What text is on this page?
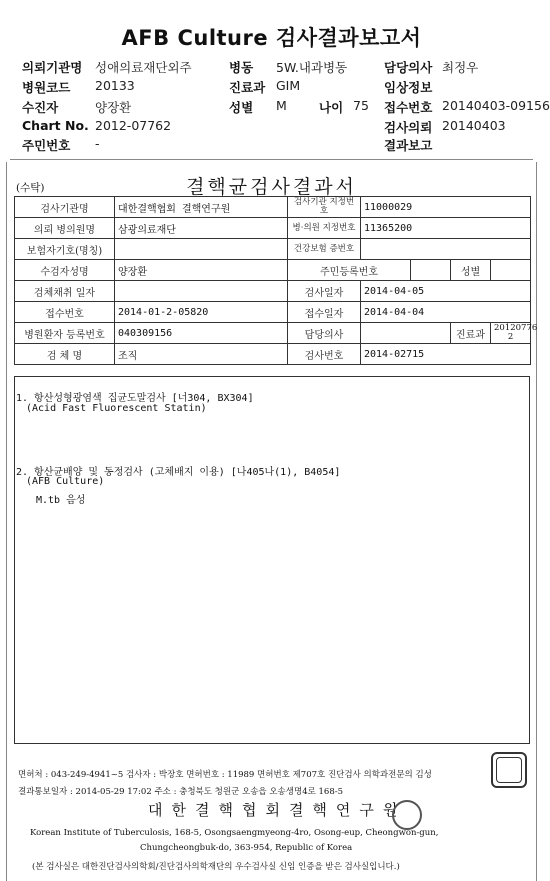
AFB Culture 검사결과보고서
의뢰기관명 성애의료재단외주
병원코드 20133
수진자	양장환
Chart No. 2012-07762
주민번호 -
병동 5W.내과병동
진료과 GIM
성별 M	나이 75
담당의사 최정우
임상정보
접수번호 20140403-09156
검사의뢰 20140403
결과보고
(수탁)	결핵균검사결과서
검사기관명	대한결핵협회 결핵연구원	검사기관 지정번호	11000029			
의뢰 병의원명	삼광의료재단	병·의원 지정번호	11365200			
보험자기호(명칭)		건강보험 증번호				
수검자성명	양장환	주민등록번호			성별	
검체채취 일자		검사일자	2014-04-05			
접수번호	2014-01-2-05820	접수일자	2014-04-04			
병원환자 등록번호	040309156	담당의사			진료과	20120776 2
검 체 명	조직	검사번호	2014-02715			
1. 항산성형광염색 집균도말검사 [너304, BX304]
(Acid Fast Fluorescent Statin)
2. 항산균배양 및 동정검사 (고체배지 이용) [나405나(1), B4054]
(AFB Culture)
M.tb 음성
면허처 : 043-249-4941~5 검사자 : 박장호 면허번호 : 11989 면허번호 제707호 진단검사 의학과전문의 김성
결과통보일자 : 2014-05-29 17:02 주소 : 충청북도 청원군 오송읍 오송생명4로 168-5
대한결핵협회결핵연구원
Korean Institute of Tuberculosis, 168-5, Osongsaengmyeong-4ro, Osong-eup, Cheongwon-gun,
Chungcheongbuk-do, 363-954, Republic of Korea
(본 검사실은 대한진단검사의학회/진단검사의학재단의 우수검사실 신임 인증을 받은 검사실입니다.)
